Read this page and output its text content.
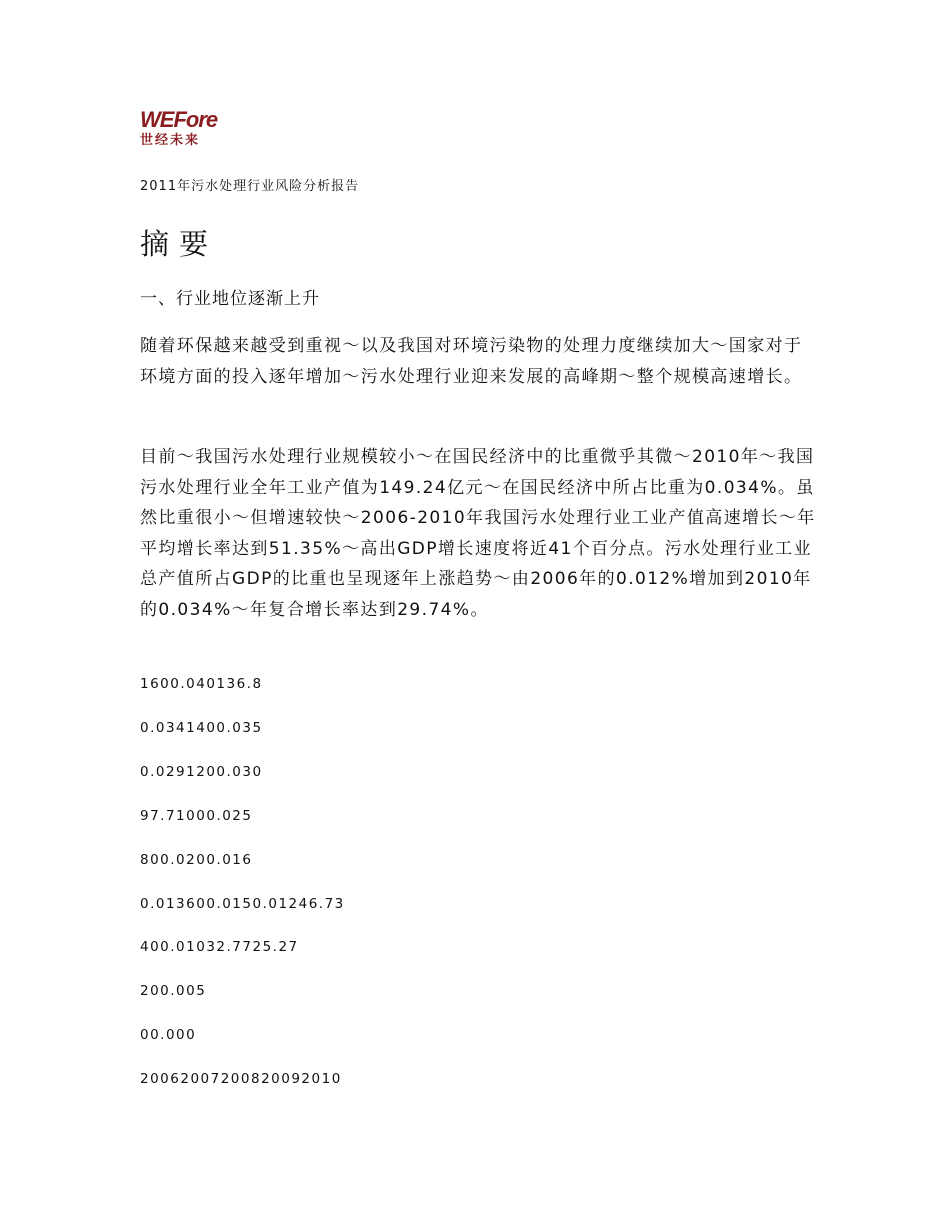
WEFore
世经未来
2011年污水处理行业风险分析报告
摘要
一、行业地位逐渐上升

随着环保越来越受到重视～以及我国对环境污染物的处理力度继续加大～国家对于环境方面的投入逐年增加～污水处理行业迎来发展的高峰期～整个规模高速增长。

目前～我国污水处理行业规模较小～在国民经济中的比重微乎其微～2010年～我国污水处理行业全年工业产值为149.24亿元～在国民经济中所占比重为0.034%。虽然比重很小～但增速较快～2006-2010年我国污水处理行业工业产值高速增长～年平均增长率达到51.35%～高出GDP增长速度将近41个百分点。污水处理行业工业总产值所占GDP的比重也呈现逐年上涨趋势～由2006年的0.012%增加到2010年的0.034%～年复合增长率达到29.74%。

1600.040136.8
0.0341400.035
0.0291200.030
97.71000.025
800.0200.016
0.013600.0150.01246.73
400.01032.7725.27
200.005
00.000
20062007200820092010
